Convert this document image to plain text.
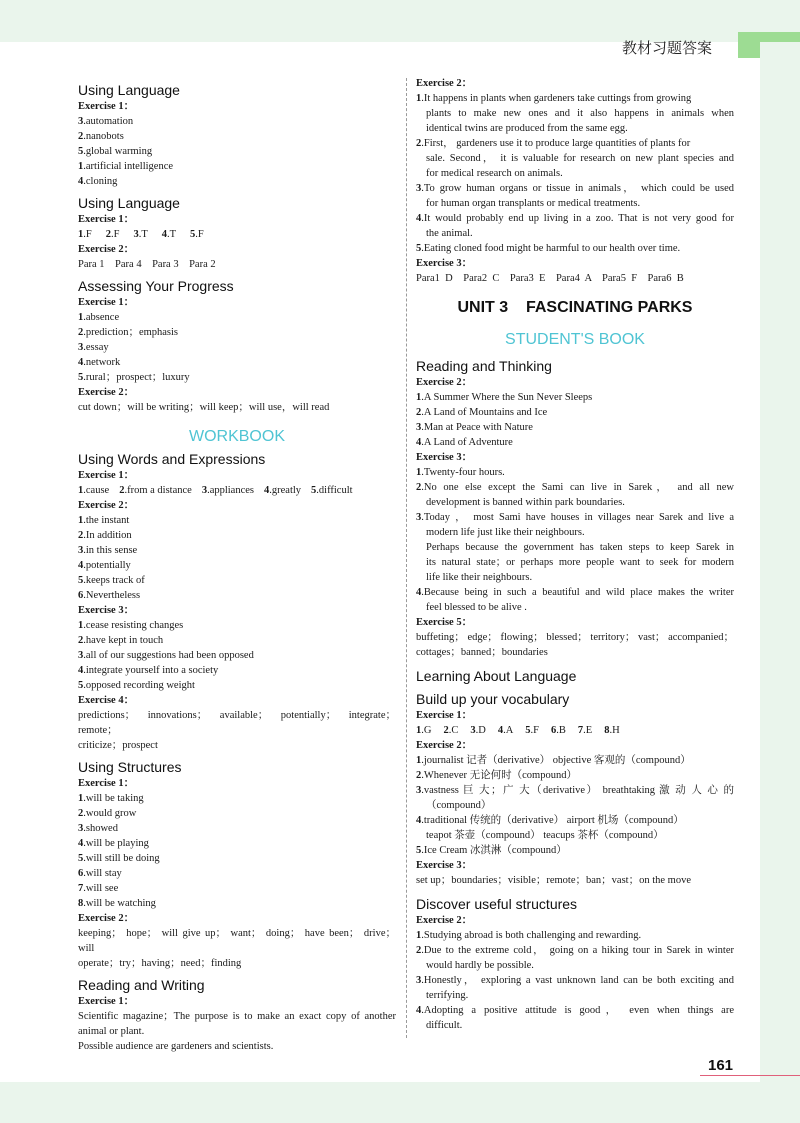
教材习题答案
161
Using Language
Exercise 1：
3.automation
2.nanobots
5.global warming
1.artificial intelligence
4.cloning
Using Language
Exercise 1：
1.F 2.F 3.T 4.T 5.F
Exercise 2：
Para 1    Para 4    Para 3    Para 2
Assessing Your Progress
Exercise 1：
1.absence
2.prediction；emphasis
3.essay
4.network
5.rural；prospect；luxury
Exercise 2：
cut down；will be writing；will keep；will use，will read
WORKBOOK
Using Words and Expressions
Exercise 1：
1.cause 2.from a distance 3.appliances 4.greatly 5.difficult
Exercise 2：
1.the instant
2.In addition
3.in this sense
4.potentially
5.keeps track of
6.Nevertheless
Exercise 3：
1.cease resisting changes
2.have kept in touch
3.all of our suggestions had been opposed
4.integrate yourself into a society
5.opposed recording weight
Exercise 4：
predictions； innovations； available； potentially； integrate； remote；
criticize；prospect
Using Structures
Exercise 1：
1.will be taking
2.would grow
3.showed
4.will be playing
5.will still be doing
6.will stay
7.will see
8.will be watching
Exercise 2：
keeping； hope； will give up； want； doing； have been； drive； will
operate；try；having；need；finding
Reading and Writing
Exercise 1：
Scientific magazine；The purpose is to make an exact copy of another
animal or plant.
Possible audience are gardeners and scientists.
Exercise 2：
1.It happens in plants when gardeners take cuttings from growing
plants to make new ones and it also happens in animals when
identical twins are produced from the same egg.
2.First， gardeners use it to produce large quantities of plants for
sale. Second， it is valuable for research on new plant species and
for medical research on animals.
3.To grow human organs or tissue in animals， which could be used
for human organ transplants or medical treatments.
4.It would probably end up living in a zoo. That is not very good for
the animal.
5.Eating cloned food might be harmful to our health over time.
Exercise 3：
Para1  D    Para2  C    Para3  E    Para4  A    Para5  F    Para6  B
UNIT 3    FASCINATING PARKS
STUDENT'S BOOK
Reading and Thinking
Exercise 2：
1.A Summer Where the Sun Never Sleeps
2.A Land of Mountains and Ice
3.Man at Peace with Nature
4.A Land of Adventure
Exercise 3：
1.Twenty-four hours.
2.No one else except the Sami can live in Sarek， and all new
development is banned within park boundaries.
3.Today ， most Sami have houses in villages near Sarek and live a
modern life just like their neighbours.
Perhaps because the government has taken steps to keep Sarek in
its natural state；or perhaps more people want to seek for modern
life like their neighbours.
4.Because being in such a beautiful and wild place makes the writer
feel blessed to be alive .
Exercise 5：
buffeting； edge； flowing； blessed； territory； vast； accompanied；
cottages；banned；boundaries
Learning About Language
Build up your vocabulary
Exercise 1：
1.G 2.C 3.D 4.A 5.F 6.B 7.E 8.H
Exercise 2：
1.journalist 记者（derivative） objective 客观的（compound）
2.Whenever 无论何时（compound）
3.vastness 巨 大；广 大（derivative） breathtaking 激 动 人 心 的
（compound）
4.traditional 传统的（derivative） airport 机场（compound）
teapot 茶壶（compound） teacups 茶杯（compound）
5.Ice Cream 冰淇淋（compound）
Exercise 3：
set up；boundaries；visible；remote；ban；vast；on the move
Discover useful structures
Exercise 2：
1.Studying abroad is both challenging and rewarding.
2.Due to the extreme cold， going on a hiking tour in Sarek in winter
would hardly be possible.
3.Honestly， exploring a vast unknown land can be both exciting and
terrifying.
4.Adopting a positive attitude is good， even when things are
difficult.
